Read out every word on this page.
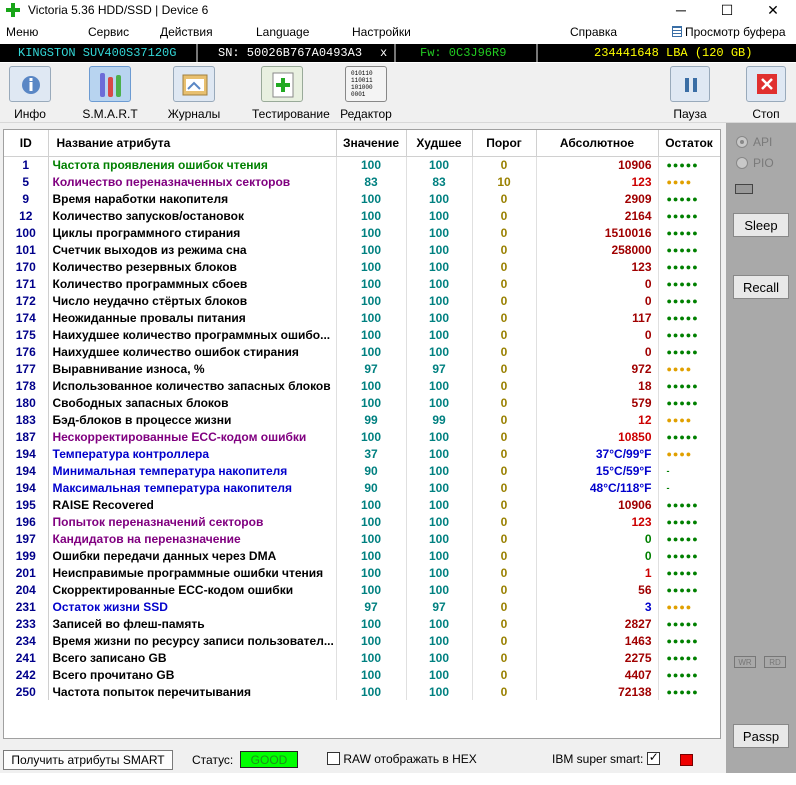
Victoria 5.36 HDD/SSD | Device 6	─	☐	✕
Меню	Сервис	Действия	Language	Настройки	Справка	Просмотр буфера
KINGSTON SUV400S37120G	SN: 50026B767A0493A3 x	Fw: 0C3J96R9	234441648 LBA (120 GB)
Инфо	S.M.A.R.T	Журналы	Тестирование
010110
110011
101000
0001
Редактор	Пауза	Стоп
ID	Название атрибута	Значение	Худшее	Порог	Абсолютное	Остаток
1	Частота проявления ошибок чтения	100	100	0	10906	●●●●●
5	Количество переназначенных секторов	83	83	10	123	●●●●
9	Время наработки накопителя	100	100	0	2909	●●●●●
12	Количество запусков/остановок	100	100	0	2164	●●●●●
100	Циклы программного стирания	100	100	0	1510016	●●●●●
101	Счетчик выходов из режима сна	100	100	0	258000	●●●●●
170	Количество резервных блоков	100	100	0	123	●●●●●
171	Количество программных сбоев	100	100	0	0	●●●●●
172	Число неудачно стёртых блоков	100	100	0	0	●●●●●
174	Неожиданные провалы питания	100	100	0	117	●●●●●
175	Наихудшее количество программных ошибо...	100	100	0	0	●●●●●
176	Наихудшее количество ошибок стирания	100	100	0	0	●●●●●
177	Выравнивание износа, %	97	97	0	972	●●●●
178	Использованное количество запасных блоков	100	100	0	18	●●●●●
180	Свободных запасных блоков	100	100	0	579	●●●●●
183	Бэд-блоков в процессе жизни	99	99	0	12	●●●●
187	Нескорректированные ECC-кодом ошибки	100	100	0	10850	●●●●●
194	Температура контроллера	37	100	0	37°C/99°F	●●●●
194	Минимальная температура накопителя	90	100	0	15°C/59°F	-
194	Максимальная температура накопителя	90	100	0	48°C/118°F	-
195	RAISE Recovered	100	100	0	10906	●●●●●
196	Попыток переназначений секторов	100	100	0	123	●●●●●
197	Кандидатов на переназначение	100	100	0	0	●●●●●
199	Ошибки передачи данных через DMA	100	100	0	0	●●●●●
201	Неисправимые программные ошибки чтения	100	100	0	1	●●●●●
204	Скорректированные ECC-кодом ошибки	100	100	0	56	●●●●●
231	Остаток жизни SSD	97	97	0	3	●●●●
233	Записей во флеш-память	100	100	0	2827	●●●●●
234	Время жизни по ресурсу записи пользовател...	100	100	0	1463	●●●●●
241	Всего записано GB	100	100	0	2275	●●●●●
242	Всего прочитано GB	100	100	0	4407	●●●●●
250	Частота попыток перечитывания	100	100	0	72138	●●●●●
API
PIO
Sleep
Recall
WR	RD
Passp
Получить атрибуты SMART	Статус:	GOOD	RAW отображать в HEX	IBM super smart: ✓
